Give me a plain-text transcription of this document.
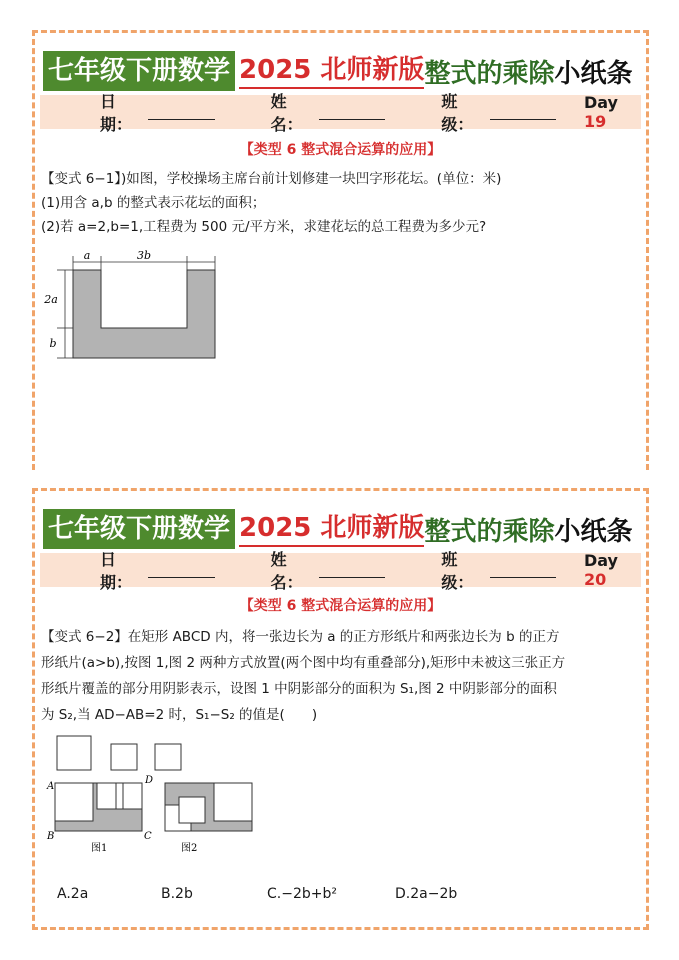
七年级下册数学 2025 北师新版 整式的乘除 小纸条
日期：
姓名：
班级：
Day 19
【类型 6 整式混合运算的应用】

【变式 6−1】)如图，学校操场主席台前计划修建一块凹字形花坛。(单位：米)

(1)用含 a,b 的整式表示花坛的面积；

(2)若 a=2,b=1,工程费为 500 元/平方米，求建花坛的总工程费为多少元?

a	3b
2a
b
七年级下册数学 2025 北师新版 整式的乘除 小纸条
日期：
姓名：
班级：
Day 20
【类型 6 整式混合运算的应用】

【变式 6−2】在矩形 ABCD 内，将一张边长为 a 的正方形纸片和两张边长为 b 的正方

形纸片(a>b),按图 1,图 2 两种方式放置(两个图中均有重叠部分),矩形中未被这三张正方

形纸片覆盖的部分用阴影表示，设图 1 中阴影部分的面积为 S₁,图 2 中阴影部分的面积

为 S₂,当 AD−AB=2 时，S₁−S₂ 的值是(　　)

A
D
B	C
图1	图2
A.2a	B.2b	C.−2b+b²	D.2a−2b
